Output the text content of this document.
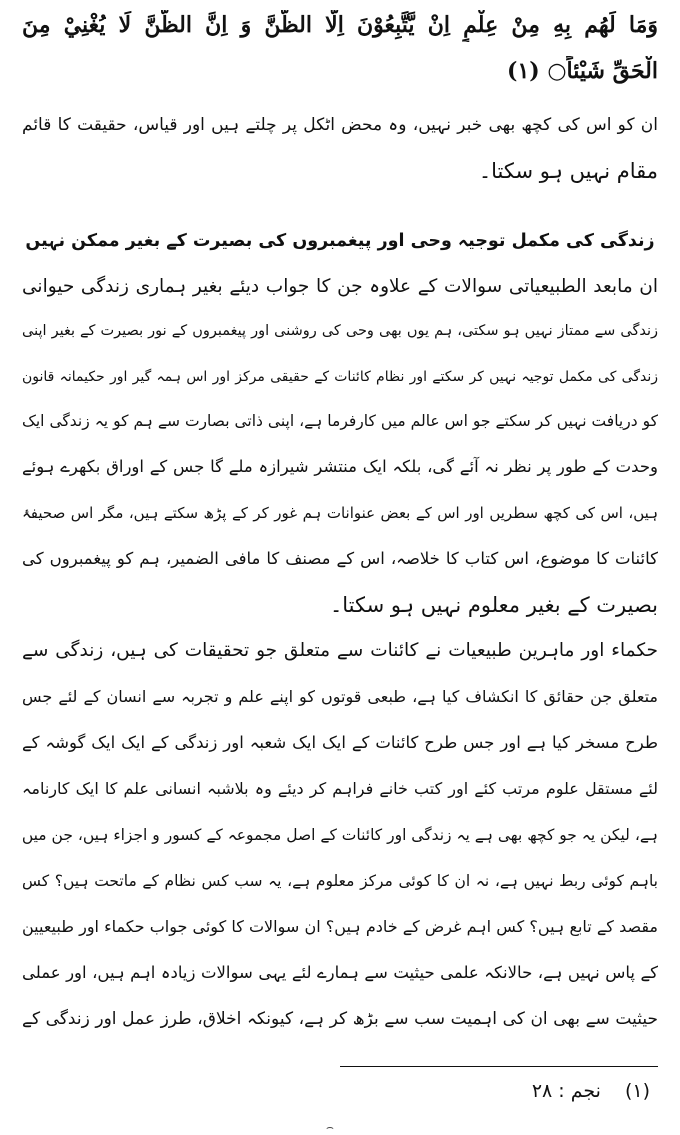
وَمَا لَهُم بِهِ مِنْ عِلْمٍ اِنْ يَّتَّبِعُوْنَ اِلَّا الظَّنَّ وَ اِنَّ الظَّنَّ لَا يُغْنِيْ مِنَ
الْحَقِّ شَيْئاً○ (۱)
ان کو اس کی کچھ بھی خبر نہیں، وہ محض اٹکل پر چلتے ہیں اور قیاس، حقیقت کا قائم
مقام نہیں ہو سکتا۔
زندگی کی مکمل توجیہ وحی اور پیغمبروں کی بصیرت کے بغیر ممکن نہیں
ان مابعد الطبیعیاتی سوالات کے علاوہ جن کا جواب دیئے بغیر ہماری زندگی حیوانی
زندگی سے ممتاز نہیں ہو سکتی، ہم یوں بھی وحی کی روشنی اور پیغمبروں کے نور بصیرت کے بغیر اپنی
زندگی کی مکمل توجیہ نہیں کر سکتے اور نظام کائنات کے حقیقی مرکز اور اس ہمہ گیر اور حکیمانہ قانون
کو دریافت نہیں کر سکتے جو اس عالم میں کارفرما ہے، اپنی ذاتی بصارت سے ہم کو یہ زندگی ایک
وحدت کے طور پر نظر نہ آئے گی، بلکہ ایک منتشر شیرازہ ملے گا جس کے اوراق بکھرے ہوئے
ہیں، اس کی کچھ سطریں اور اس کے بعض عنوانات ہم غور کر کے پڑھ سکتے ہیں، مگر اس صحیفۂ
کائنات کا موضوع، اس کتاب کا خلاصہ، اس کے مصنف کا مافی الضمیر، ہم کو پیغمبروں کی
بصیرت کے بغیر معلوم نہیں ہو سکتا۔
حکماء اور ماہرین طبیعیات نے کائنات سے متعلق جو تحقیقات کی ہیں، زندگی سے
متعلق جن حقائق کا انکشاف کیا ہے، طبعی قوتوں کو اپنے علم و تجربہ سے انسان کے لئے جس
طرح مسخر کیا ہے اور جس طرح کائنات کے ایک ایک شعبہ اور زندگی کے ایک ایک گوشہ کے
لئے مستقل علوم مرتب کئے اور کتب خانے فراہم کر دیئے وہ بلاشبہ انسانی علم کا ایک کارنامہ
ہے، لیکن یہ جو کچھ بھی ہے یہ زندگی اور کائنات کے اصل مجموعہ کے کسور و اجزاء ہیں، جن میں
باہم کوئی ربط نہیں ہے، نہ ان کا کوئی مرکز معلوم ہے، یہ سب کس نظام کے ماتحت ہیں؟ کس
مقصد کے تابع ہیں؟ کس اہم غرض کے خادم ہیں؟ ان سوالات کا کوئی جواب حکماء اور طبیعیین
کے پاس نہیں ہے، حالانکہ علمی حیثیت سے ہمارے لئے یہی سوالات زیادہ اہم ہیں، اور عملی
حیثیت سے بھی ان کی اہمیت سب سے بڑھ کر ہے، کیونکہ اخلاق، طرز عمل اور زندگی کے
(۱)نجم : ۲۸
⌢
